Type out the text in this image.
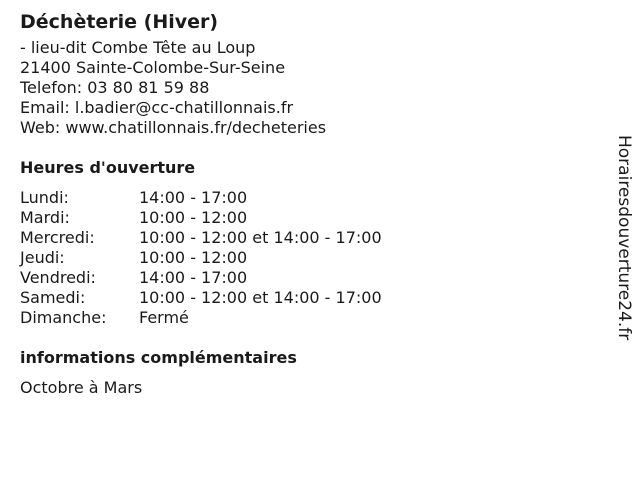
Déchèterie (Hiver)
- lieu-dit Combe Tête au Loup
21400 Sainte-Colombe-Sur-Seine
Telefon: 03 80 81 59 88
Email: l.badier@cc-chatillonnais.fr
Web: www.chatillonnais.fr/decheteries
Heures d'ouverture
Lundi:	14:00 - 17:00
Mardi:	10:00 - 12:00
Mercredi:	10:00 - 12:00 et 14:00 - 17:00
Jeudi:	10:00 - 12:00
Vendredi:	14:00 - 17:00
Samedi:	10:00 - 12:00 et 14:00 - 17:00
Dimanche:	Fermé
informations complémentaires
Octobre à Mars
Horairesdouverture24.fr
